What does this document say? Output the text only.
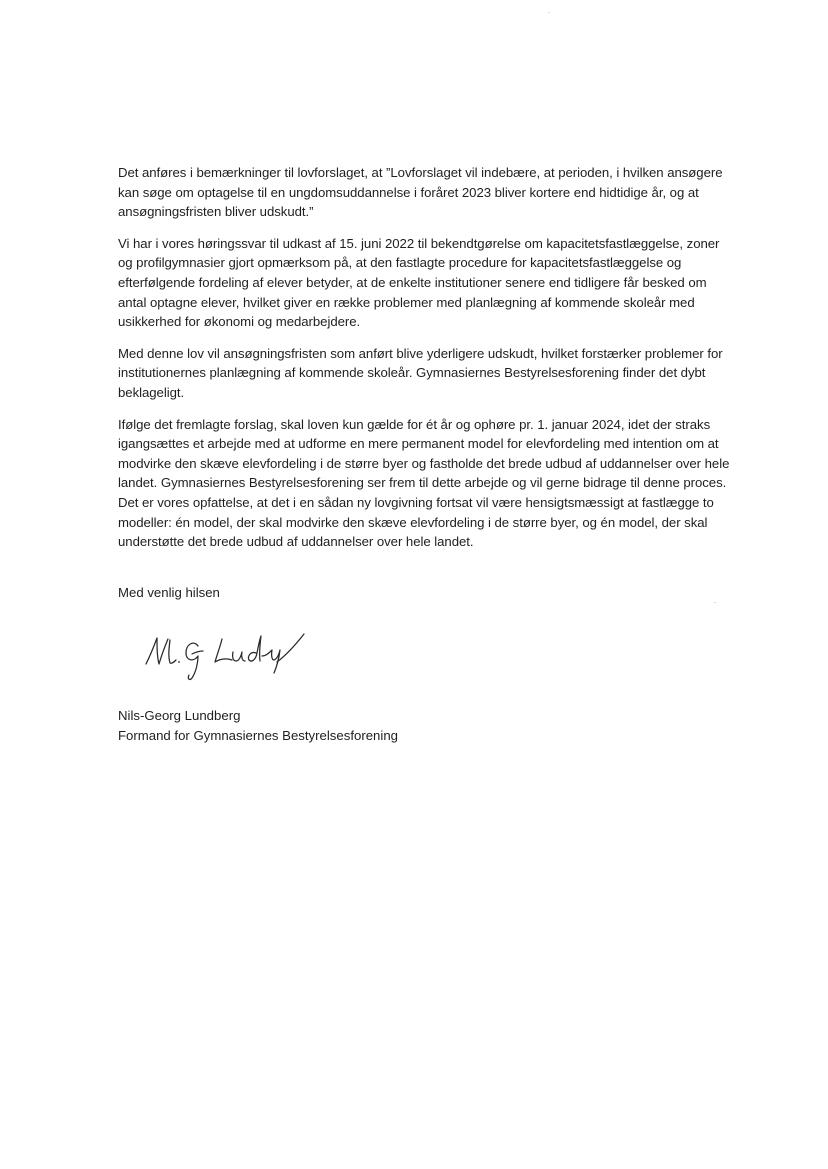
Det anføres i bemærkninger til lovforslaget, at ”Lovforslaget vil indebære, at perioden, i hvilken ansøgere kan søge om optagelse til en ungdomsuddannelse i foråret 2023 bliver kortere end hidtidige år, og at ansøgningsfristen bliver udskudt.”

Vi har i vores høringssvar til udkast af 15. juni 2022 til bekendtgørelse om kapacitetsfastlæggelse, zoner og profilgymnasier gjort opmærksom på, at den fastlagte procedure for kapacitetsfastlæggelse og efterfølgende fordeling af elever betyder, at de enkelte institutioner senere end tidligere får besked om antal optagne elever, hvilket giver en række problemer med planlægning af kommende skoleår med usikkerhed for økonomi og medarbejdere.

Med denne lov vil ansøgningsfristen som anført blive yderligere udskudt, hvilket forstærker problemer for institutionernes planlægning af kommende skoleår. Gymnasiernes Bestyrelsesforening finder det dybt beklageligt.

Ifølge det fremlagte forslag, skal loven kun gælde for ét år og ophøre pr. 1. januar 2024, idet der straks igangsættes et arbejde med at udforme en mere permanent model for elevfordeling med intention om at modvirke den skæve elevfordeling i de større byer og fastholde det brede udbud af uddannelser over hele landet. Gymnasiernes Bestyrelsesforening ser frem til dette arbejde og vil gerne bidrage til denne proces. Det er vores opfattelse, at det i en sådan ny lovgivning fortsat vil være hensigtsmæssigt at fastlægge to modeller: én model, der skal modvirke den skæve elevfordeling i de større byer, og én model, der skal understøtte det brede udbud af uddannelser over hele landet.

Med venlig hilsen

Nils-Georg Lundberg
Formand for Gymnasiernes Bestyrelsesforening
